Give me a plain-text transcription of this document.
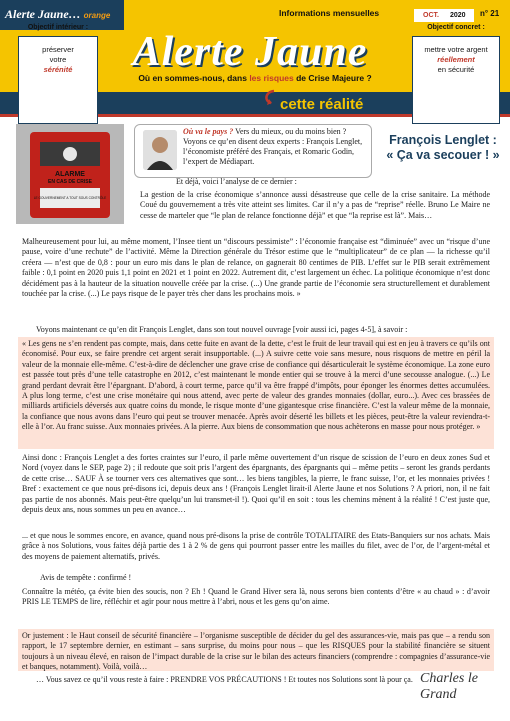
Alerte Jaune… orange	Informations mensuelles	OCT. 2020 n° 21
Alerte Jaune
Où en sommes-nous, dans les risques de Crise Majeure ?
cette réalité
Objectif intérieur :
préserver
votre
sérénité
Objectif concret :
mettre votre argent
réellement
en sécurité
ALARME
EN CAS DE CRISE
LE GOUVERNEMENT A TOUT SOUS CONTRÔLE
Où va le pays ? Vers du mieux, ou du moins bien ? Voyons ce qu’en disent deux experts : François Lenglet, l’économiste préféré des Français, et Romaric Godin, l’expert de Médiapart.
François Lenglet :
« Ça va secouer ! »
Et déjà, voici l’analyse de ce dernier :
La gestion de la crise économique s’annonce aussi désastreuse que celle de la crise sanitaire. La méthode Coué du gouvernement a très vite atteint ses limites. Car il n’y a pas de “reprise” réelle. Bruno Le Maire ne cesse de marteler que “le plan de relance fonctionne déjà” et que “la reprise est là”. Mais…
Malheureusement pour lui, au même moment, l’Insee tient un “discours pessimiste” : l’économie française est “diminuée” avec un “risque d’une pause, voire d’une rechute” de l’activité. Même la Direction générale du Trésor estime que le “multiplicateur” de ce plan — la richesse qu’il créera — n’est que de 0,8 : pour un euro mis dans le plan de relance, on gagnerait 80 centimes de PIB. L’effet sur le PIB serait extrêmement faible : 0,1 point en 2020 puis 1,1 point en 2021 et 1 point en 2022. Autrement dit, c’est largement un échec. La politique économique n’est donc décidément pas à la hauteur de la situation nouvelle créée par la crise. (...) Une grande partie de l’économie sera structurellement et durablement touchée par la crise. (...) Le pays risque de le payer très cher dans les prochains mois. »
Voyons maintenant ce qu’en dit François Lenglet, dans son tout nouvel ouvrage [voir aussi ici, pages 4-5], à savoir :
« Les gens ne s’en rendent pas compte, mais, dans cette fuite en avant de la dette, c’est le fruit de leur travail qui est en jeu à travers ce qu’ils ont économisé. Pour eux, se faire prendre cet argent serait insupportable. (...) A suivre cette voie sans mesure, nous risquons de mettre en péril la valeur de la monnaie elle-même. C’est-à-dire de déclencher une grave crise de confiance qui désarticulerait le système économique. La zone euro est passée tout près d’une telle catastrophe en 2012, c’est maintenant le monde entier qui se trouve à la merci d’une secousse analogue. (...) Le grand perdant devrait être l’épargnant. D’abord, à court terme, parce qu’il va être frappé d’impôts, pour éponger les énormes dettes accumulées. A plus long terme, c’est une crise monétaire qui nous attend, avec perte de valeur des grandes monnaies (dollar, euro...). Avec ces brassées de milliards artificiels déversés aux quatre coins du monde, le risque monte d’une gigantesque crise financière. C’est la valeur même de la monnaie, la confiance que nous avons dans l’euro qui peut se trouver menacée. Après avoir déserté les billets et les pièces, peut-être la valeur reviendra-t-elle à l’or. Au franc suisse. Aux monnaies privées. A la pierre. Aux biens de consommation que nous achèterons en masse pour nous protéger. »
Ainsi donc : François Lenglet a des fortes craintes sur l’euro, il parle même ouvertement d’un risque de scission de l’euro en deux zones Sud et Nord (voyez dans le SEP, page 2) ; il redoute que soit pris l’argent des épargnants, des épargnants qui – même petits – seront les grands perdants de cette crise… SAUF À se tourner vers ces alternatives que sont… les biens tangibles, la pierre, le franc suisse, l’or, et les monnaies privées ! Bref : exactement ce que nous pré-disons ici, depuis deux ans ! (François Lenglet lirait-il Alerte Jaune et nos Solutions ? A priori, non, il ne fait pas partie de nos abonnés. Mais peut-être quelqu’un lui transmet-il !). Quoi qu’il en soit : tous les chemins mènent à la réalité ! C’est juste que, depuis deux ans, nous sommes un peu en avance…
... et que nous le sommes encore, en avance, quand nous pré-disons la prise de contrôle TOTALITAIRE des Etats-Banquiers sur nos achats. Mais grâce à nos Solutions, vous faites déjà partie des 1 à 2 % de gens qui pourront passer entre les mailles du filet, avec de l’or, de l’argent-métal et des moyens de paiement alternatifs, privés.
Avis de tempête : confirmé !
Connaître la météo, ça évite bien des soucis, non ? Eh ! Quand le Grand Hiver sera là, nous serons bien contents d’être « au chaud » : d’avoir PRIS LE TEMPS de lire, réfléchir et agir pour nous mettre à l’abri, nous et les gens qu’on aime.
Or justement : le Haut conseil de sécurité financière – l’organisme susceptible de décider du gel des assurances-vie, mais pas que – a rendu son rapport, le 17 septembre dernier, en estimant – sans surprise, du moins pour nous – que les RISQUES pour la stabilité financière se situent toujours à un niveau élevé, en raison de l’impact durable de la crise sur le bilan des acteurs financiers (comprendre : compagnies d’assurance-vie et banques, notamment). Voilà, voilà…
… Vous savez ce qu’il vous reste à faire : PRENDRE VOS PRÉCAUTIONS ! Et toutes nos Solutions sont là pour ça. Charles le Grand
